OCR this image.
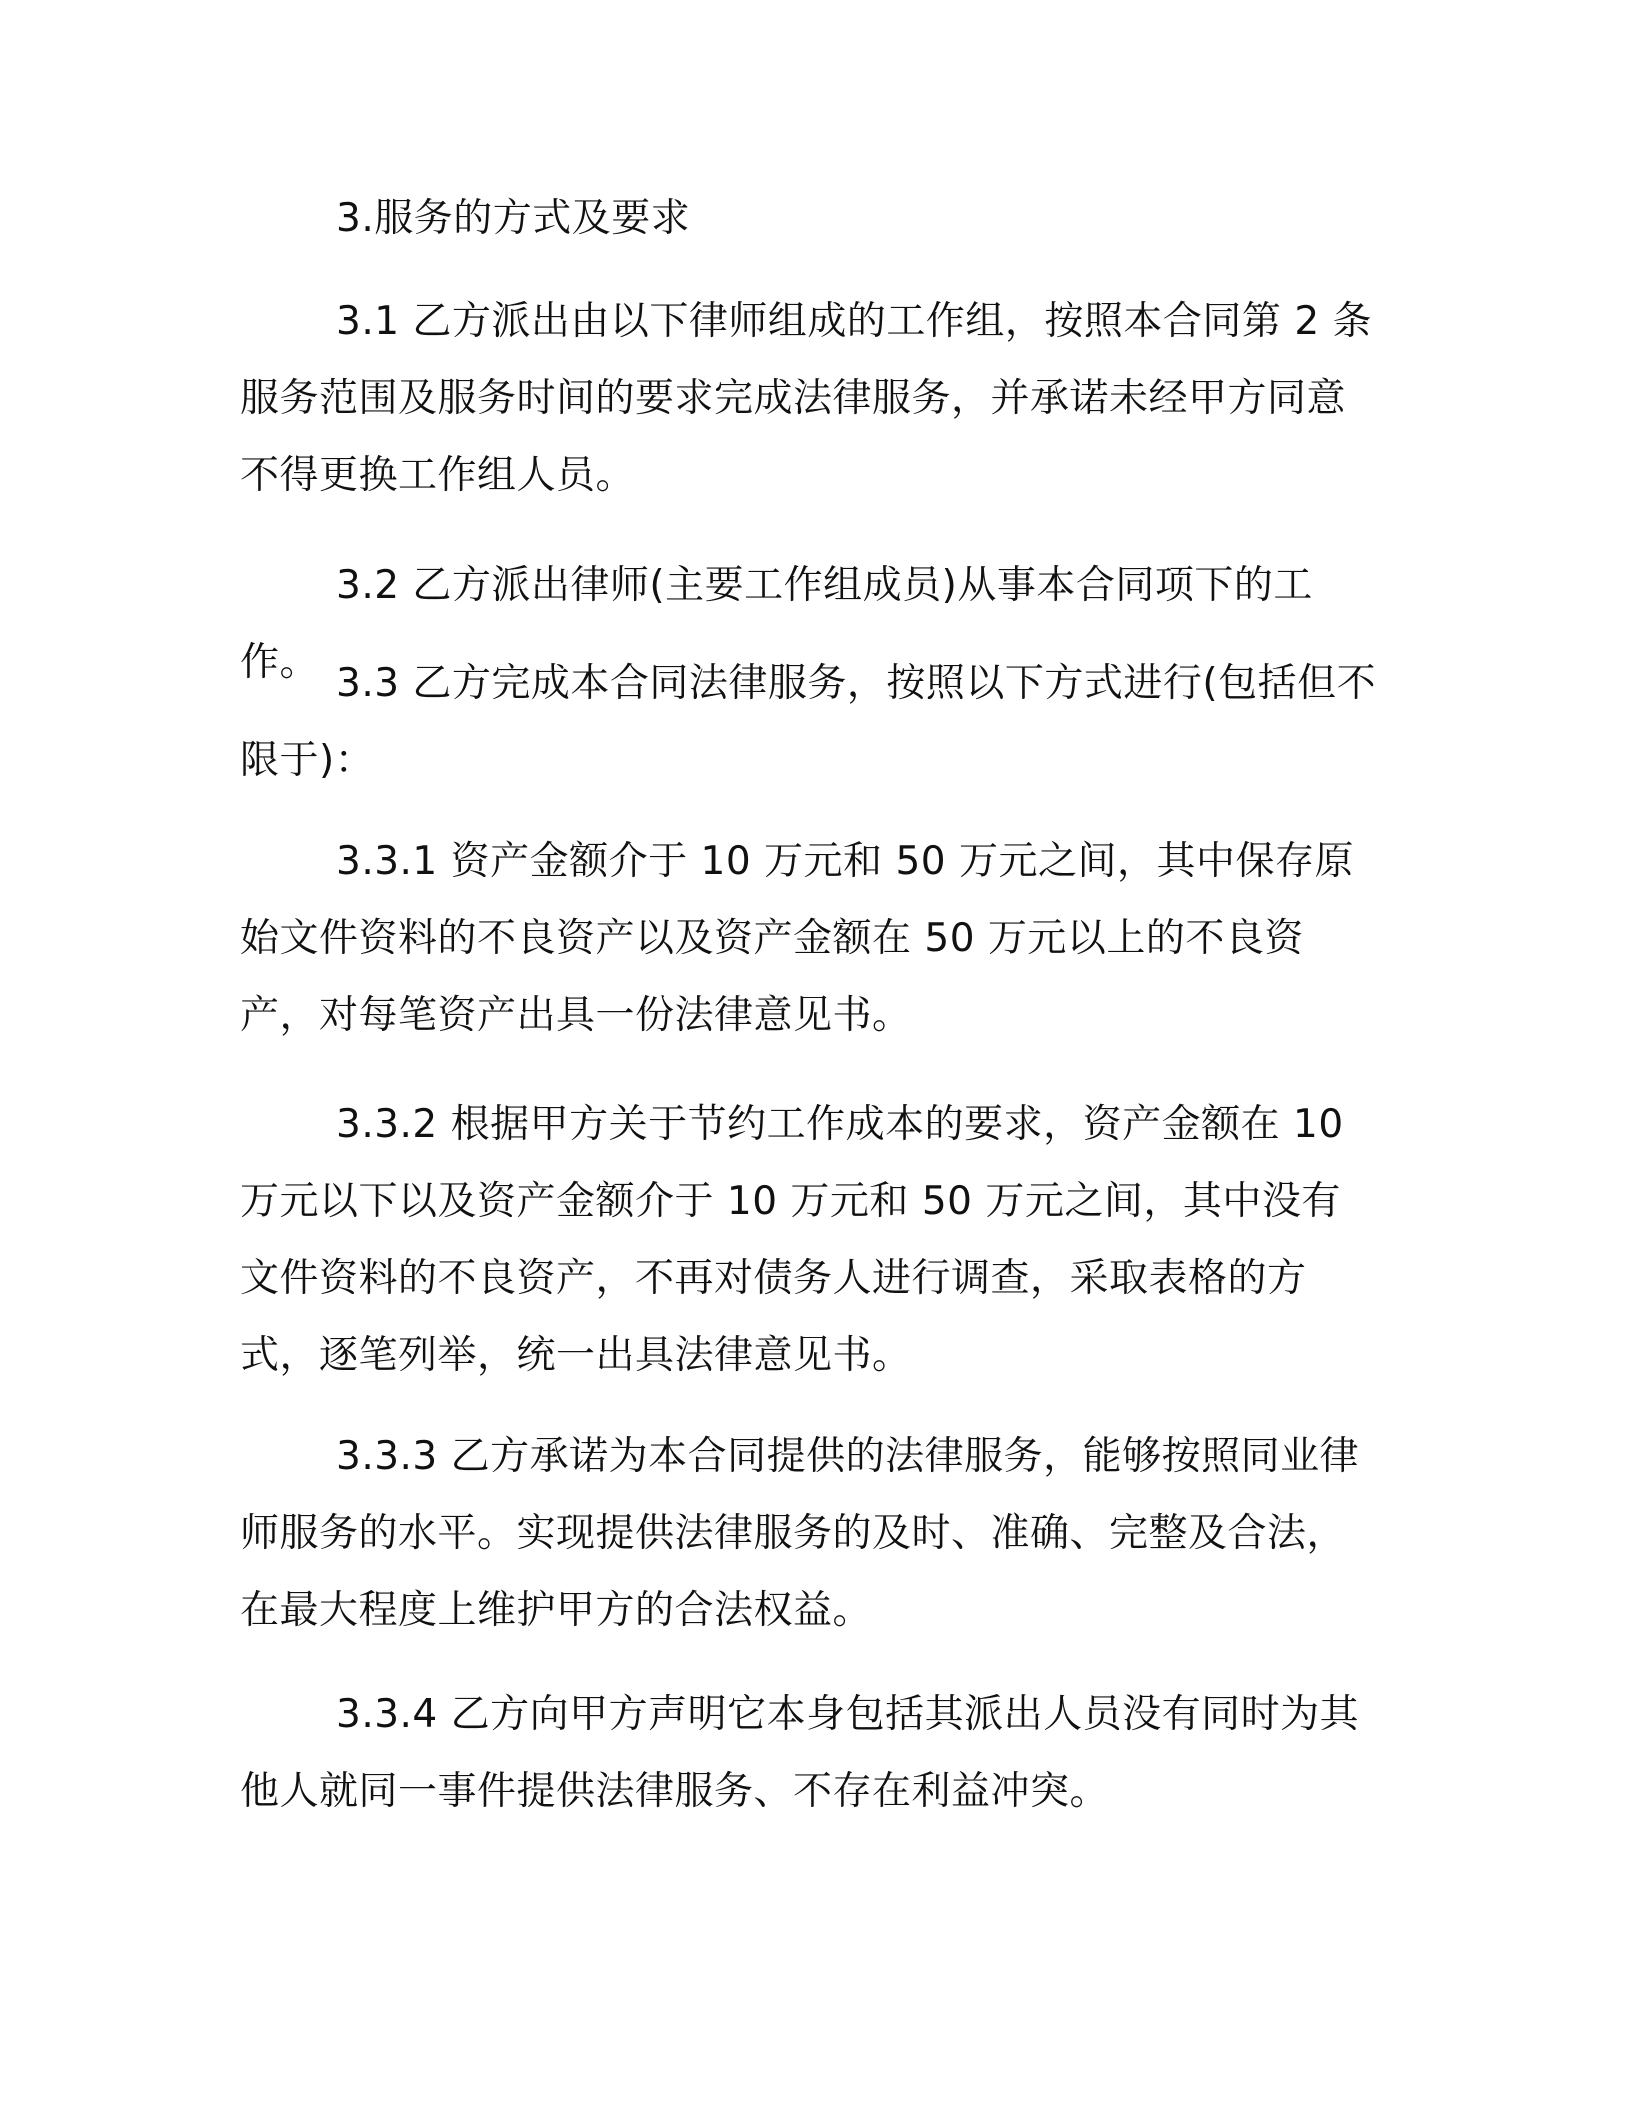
3.服务的方式及要求

3.1 乙方派出由以下律师组成的工作组，按照本合同第 2 条服务范围及服务时间的要求完成法律服务，并承诺未经甲方同意不得更换工作组人员。

3.2 乙方派出律师(主要工作组成员)从事本合同项下的工作。 3.3 乙方完成本合同法律服务，按照以下方式进行(包括但不限于)：

3.3.1 资产金额介于 10 万元和 50 万元之间，其中保存原始文件资料的不良资产以及资产金额在 50 万元以上的不良资产，对每笔资产出具一份法律意见书。

3.3.2 根据甲方关于节约工作成本的要求，资产金额在 10 万元以下以及资产金额介于 10 万元和 50 万元之间，其中没有文件资料的不良资产，不再对债务人进行调查，采取表格的方式，逐笔列举，统一出具法律意见书。

3.3.3 乙方承诺为本合同提供的法律服务，能够按照同业律师服务的水平。实现提供法律服务的及时、准确、完整及合法，在最大程度上维护甲方的合法权益。

3.3.4 乙方向甲方声明它本身包括其派出人员没有同时为其他人就同一事件提供法律服务、不存在利益冲突。
